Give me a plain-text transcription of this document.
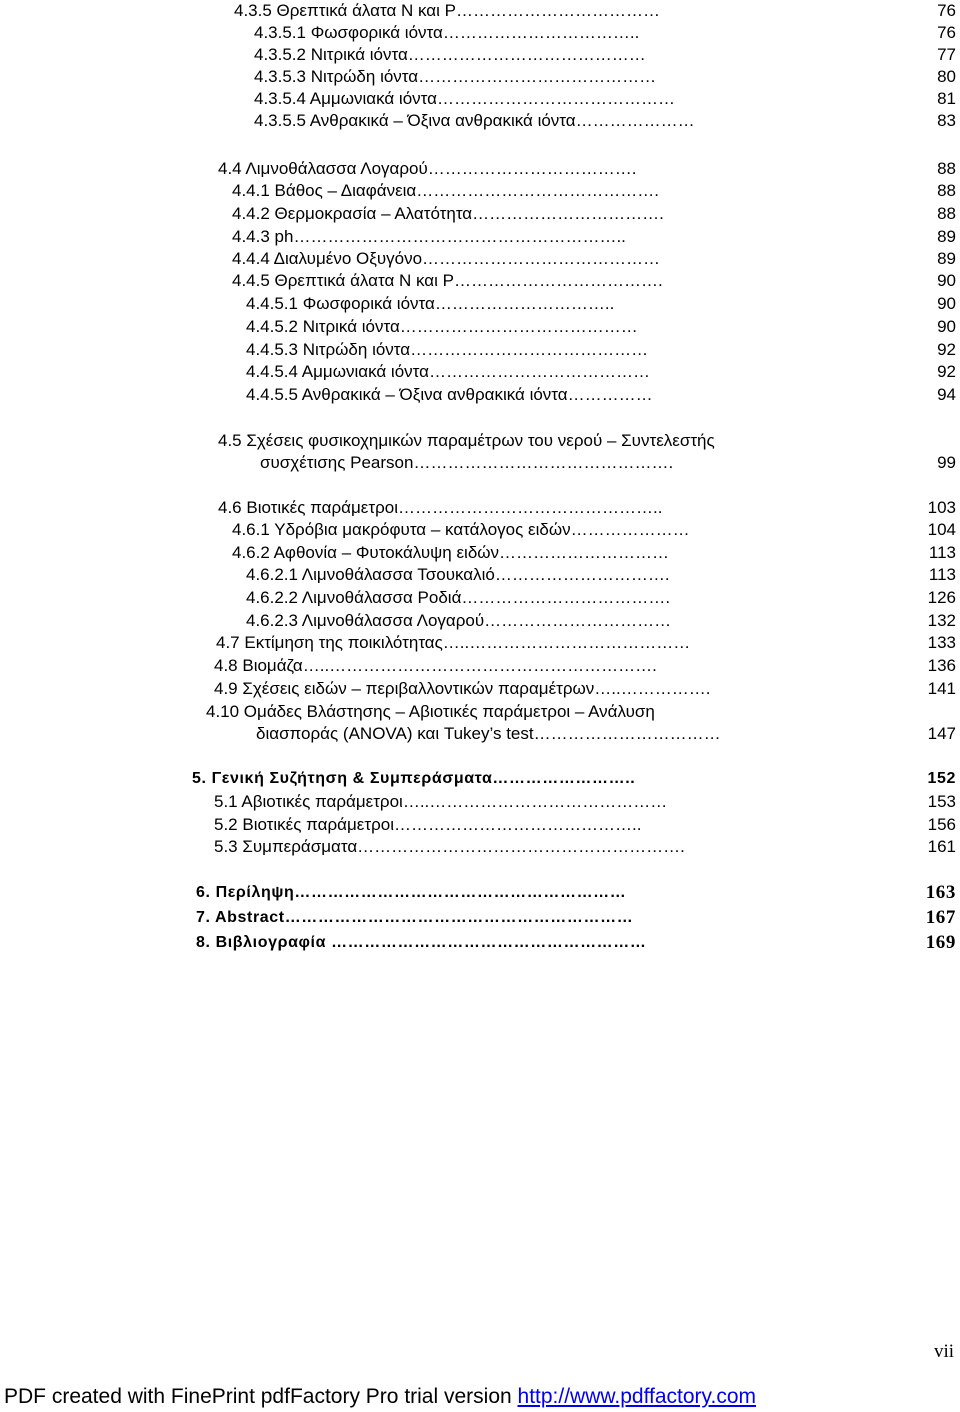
4.3.5 Θρεπτικά άλατα Ν και Ρ………………………………	76
4.3.5.1 Φωσφορικά ιόντα……………………………..	76
4.3.5.2 Νιτρικά ιόντα……………………………………	77
4.3.5.3 Νιτρώδη ιόντα……………………………………	80
4.3.5.4 Αμμωνιακά ιόντα……………………………………	81
4.3.5.5 Ανθρακικά – Όξινα ανθρακικά ιόντα…………………	83
4.4 Λιμνοθάλασσα Λογαρού……………………………….	88
4.4.1 Βάθος – Διαφάνεια…………………………………….	88
4.4.2 Θερμοκρασία – Αλατότητα…………………………….	88
4.4.3 ph…………………………………………………..	89
4.4.4 Διαλυμένο Οξυγόνο……………………………………	89
4.4.5 Θρεπτικά άλατα Ν και Ρ……………………………….	90
4.4.5.1 Φωσφορικά ιόντα…………………………..	90
4.4.5.2 Νιτρικά ιόντα……………………………………	90
4.4.5.3 Νιτρώδη ιόντα……………………………………	92
4.4.5.4 Αμμωνιακά ιόντα…………………………………	92
4.4.5.5 Ανθρακικά – Όξινα ανθρακικά ιόντα……………	94
4.5 Σχέσεις φυσικοχημικών παραμέτρων του νερού – Συντελεστής
συσχέτισης Pearson……………………………………….	99
4.6 Βιοτικές παράμετροι………………………………………..	103
4.6.1 Υδρόβια μακρόφυτα – κατάλογος ειδών…………………	104
4.6.2 Αφθονία – Φυτοκάλυψη ειδών…………………………	113
4.6.2.1 Λιμνοθάλασσα Τσουκαλιό………………………….	113
4.6.2.2 Λιμνοθάλασσα Ροδιά……………………………….	126
4.6.2.3 Λιμνοθάλασσα Λογαρού……………………………	132
4.7 Εκτίμηση της ποικιλότητας…..…………………………………	133
4.8 Βιομάζα…..………………………………………………….	136
4.9 Σχέσεις ειδών – περιβαλλοντικών παραμέτρων…..…………….	141
4.10 Ομάδες Βλάστησης – Αβιοτικές παράμετροι – Ανάλυση
διασποράς (ANOVA) και Tukey’s test……………………………	147
5. Γενική Συζήτηση & Συμπεράσματα……………………..	152
5.1 Αβιοτικές παράμετροι…..……………………………………	153
5.2 Βιοτικές παράμετροι……………………………………..	156
5.3 Συμπεράσματα………………………………………………….	161
6. Περίληψη……………………………………………………	163
7. Abstract………………………………………………………	167
8. Βιβλιογραφία …………………………………………………	169
vii
PDF created with FinePrint pdfFactory Pro trial version http://www.pdffactory.com
